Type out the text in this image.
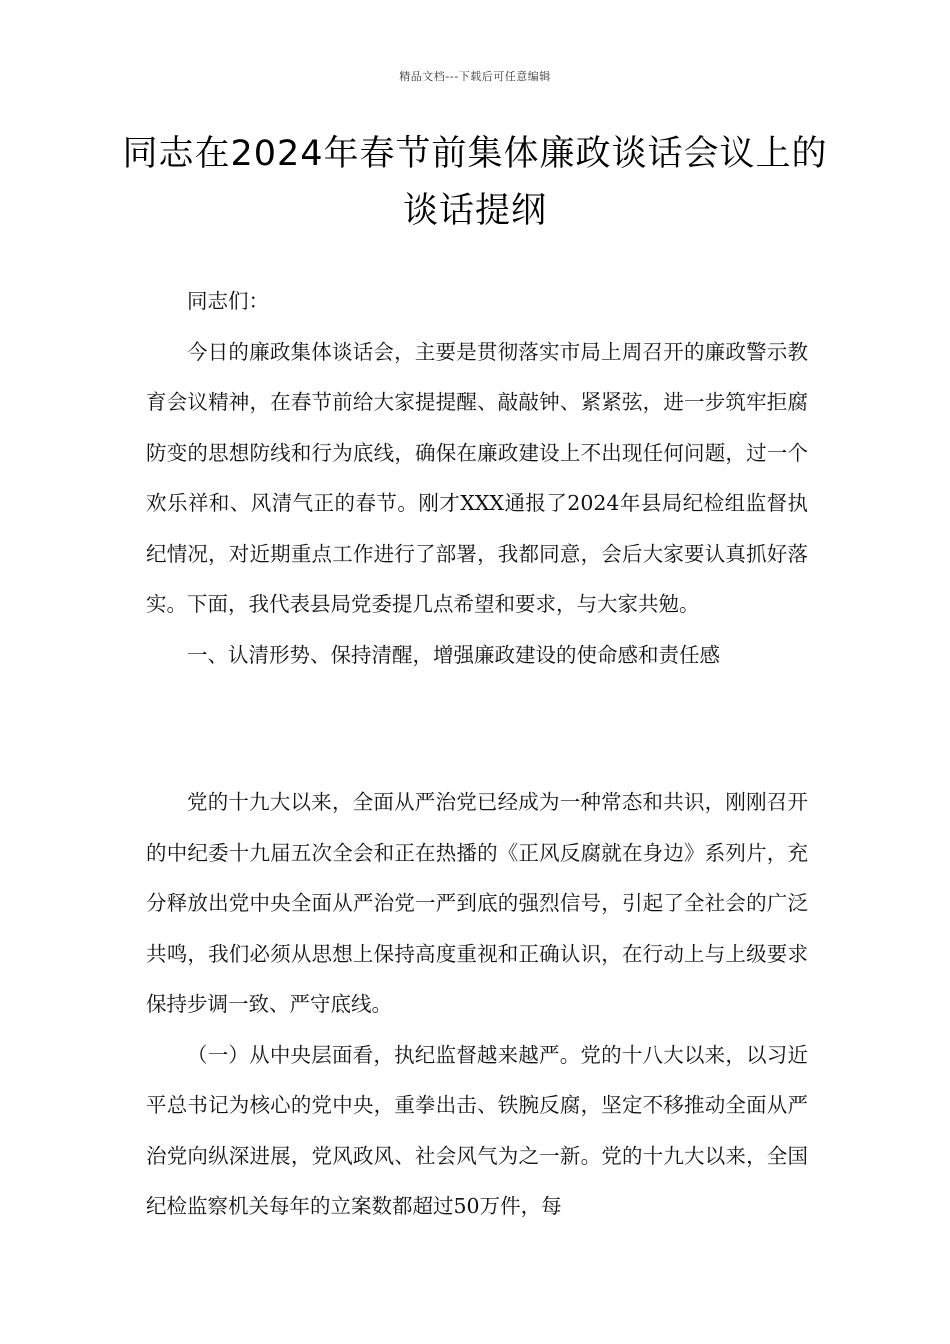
精品文档---下载后可任意编辑
同志在2024年春节前集体廉政谈话会议上的谈话提纲

同志们：

今日的廉政集体谈话会，主要是贯彻落实市局上周召开的廉政警示教育会议精神，在春节前给大家提提醒、敲敲钟、紧紧弦，进一步筑牢拒腐防变的思想防线和行为底线，确保在廉政建设上不出现任何问题，过一个欢乐祥和、风清气正的春节。刚才XXX通报了2024年县局纪检组监督执纪情况，对近期重点工作进行了部署，我都同意，会后大家要认真抓好落实。下面，我代表县局党委提几点希望和要求，与大家共勉。

一、认清形势、保持清醒，增强廉政建设的使命感和责任感

党的十九大以来，全面从严治党已经成为一种常态和共识，刚刚召开的中纪委十九届五次全会和正在热播的《正风反腐就在身边》系列片，充分释放出党中央全面从严治党一严到底的强烈信号，引起了全社会的广泛共鸣，我们必须从思想上保持高度重视和正确认识，在行动上与上级要求保持步调一致、严守底线。

（一）从中央层面看，执纪监督越来越严。党的十八大以来，以习近平总书记为核心的党中央，重拳出击、铁腕反腐，坚定不移推动全面从严治党向纵深进展，党风政风、社会风气为之一新。党的十九大以来，全国纪检监察机关每年的立案数都超过50万件，每
